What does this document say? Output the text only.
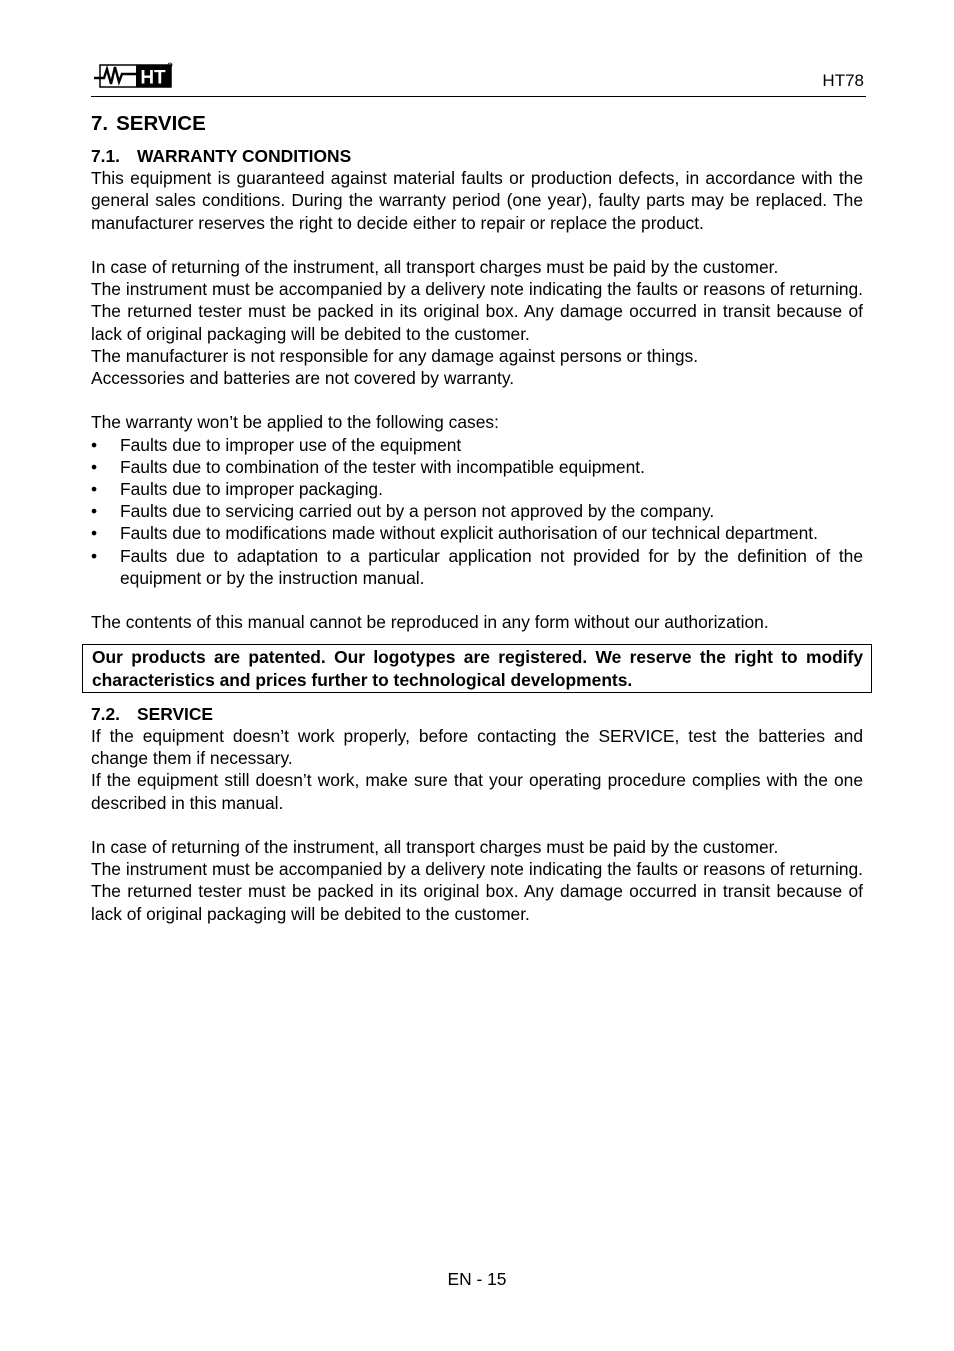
HT	HT78
7. SERVICE
7.1. WARRANTY CONDITIONS

This equipment is guaranteed against material faults or production defects, in accordance with the general sales conditions. During the warranty period (one year), faulty parts may be replaced. The manufacturer reserves the right to decide either to repair or replace the product.

In case of returning of the instrument, all transport charges must be paid by the customer.

The instrument must be accompanied by a delivery note indicating the faults or reasons of returning. The returned tester must be packed in its original box. Any damage occurred in transit because of lack of original packaging will be debited to the customer.

The manufacturer is not responsible for any damage against persons or things.

Accessories and batteries are not covered by warranty.

The warranty won’t be applied to the following cases:

• Faults due to improper use of the equipment
• Faults due to combination of the tester with incompatible equipment.
• Faults due to improper packaging.
• Faults due to servicing carried out by a person not approved by the company.
• Faults due to modifications made without explicit authorisation of our technical department.
• Faults due to adaptation to a particular application not provided for by the definition of the equipment or by the instruction manual.

The contents of this manual cannot be reproduced in any form without our authorization.

Our products are patented. Our logotypes are registered. We reserve the right to modify characteristics and prices further to technological developments.
7.2. SERVICE

If the equipment doesn’t work properly, before contacting the SERVICE, test the batteries and change them if necessary.

If the equipment still doesn’t work, make sure that your operating procedure complies with the one described in this manual.

In case of returning of the instrument, all transport charges must be paid by the customer.

The instrument must be accompanied by a delivery note indicating the faults or reasons of returning. The returned tester must be packed in its original box. Any damage occurred in transit because of lack of original packaging will be debited to the customer.

EN - 15
